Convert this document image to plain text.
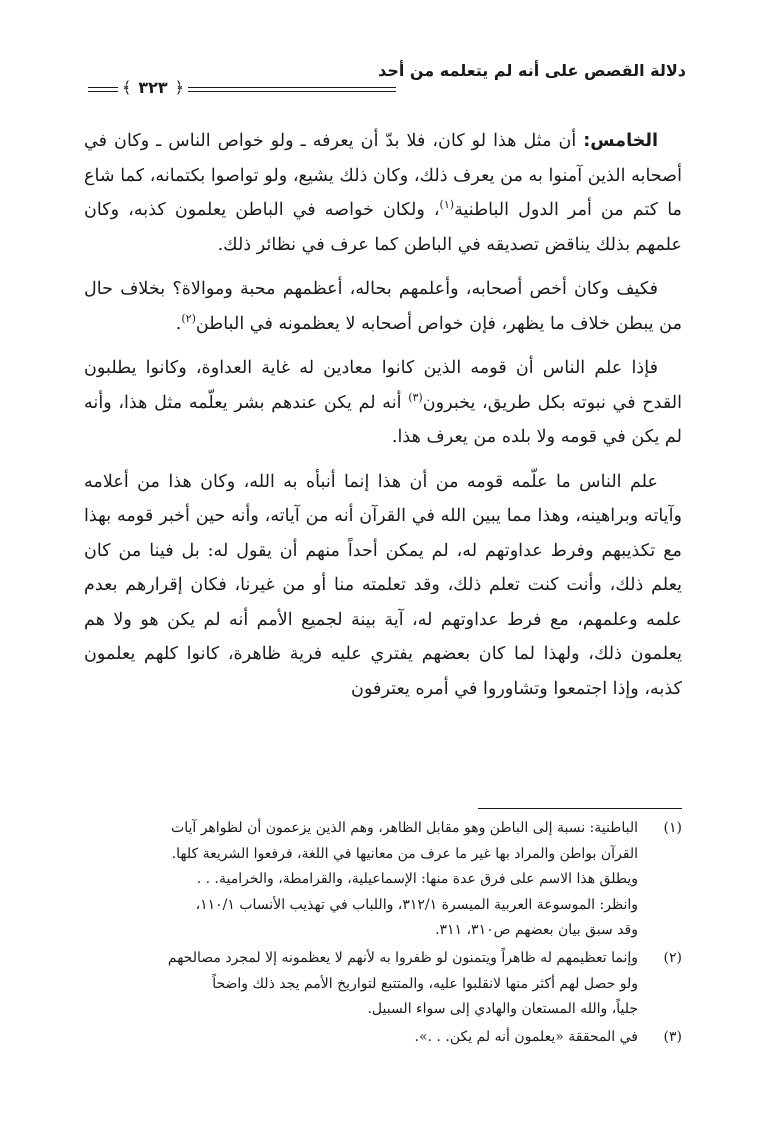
دلالة القصص على أنه لم يتعلمه من أحد
﴿
٣٢٣
﴾

الخامس: أن مثل هذا لو كان، فلا بدّ أن يعرفه ـ ولو خواص الناس ـ وكان في أصحابه الذين آمنوا به من يعرف ذلك، وكان ذلك يشيع، ولو تواصوا بكتمانه، كما شاع ما كتم من أمر الدول الباطنية$^{(١)}$، ولكان خواصه في الباطن يعلمون كذبه، وكان علمهم بذلك يناقض تصديقه في الباطن كما عرف في نظائر ذلك.

فكيف وكان أخص أصحابه، وأعلمهم بحاله، أعظمهم محبة وموالاة؟ بخلاف حال من يبطن خلاف ما يظهر، فإن خواص أصحابه لا يعظمونه في الباطن$^{(٢)}$.

فإذا علم الناس أن قومه الذين كانوا معادين له غاية العداوة، وكانوا يطلبون القدح في نبوته بكل طريق، يخبرون$^{(٣)}$ أنه لم يكن عندهم بشر يعلّمه مثل هذا، وأنه لم يكن في قومه ولا بلده من يعرف هذا.

علم الناس ما علّمه قومه من أن هذا إنما أنبأه به الله، وكان هذا من أعلامه وآياته وبراهينه، وهذا مما يبين الله في القرآن أنه من آياته، وأنه حين أخبر قومه بهذا مع تكذيبهم وفرط عداوتهم له، لم يمكن أحداً منهم أن يقول له: بل فينا من كان يعلم ذلك، وأنت كنت تعلم ذلك، وقد تعلمته منا أو من غيرنا، فكان إقرارهم بعدم علمه وعلمهم، مع فرط عداوتهم له، آية بينة لجميع الأمم أنه لم يكن هو ولا هم يعلمون ذلك، ولهذا لما كان بعضهم يفتري عليه فرية ظاهرة، كانوا كلهم يعلمون كذبه، وإذا اجتمعوا وتشاوروا في أمره يعترفون

(١)
الباطنية: نسبة إلى الباطن وهو مقابل الظاهر، وهم الذين يزعمون أن لظواهر آيات
القرآن بواطن والمراد بها غير ما عرف من معانيها في اللغة، فرفعوا الشريعة كلها.
ويطلق هذا الاسم على فرق عدة منها: الإسماعيلية، والقرامطة، والخرامية. . .
وانظر: الموسوعة العربية الميسرة ٣١٢/١، واللباب في تهذيب الأنساب ١١٠/١،
وقد سبق بيان بعضهم ص٣١٠، ٣١١.
(٢)
وإنما تعظيمهم له ظاهراً ويتمنون لو ظفروا به لأنهم لا يعظمونه إلا لمجرد مصالحهم
ولو حصل لهم أكثر منها لانقلبوا عليه، والمتتبع لتواريخ الأمم يجد ذلك واضحاً
جلياً، والله المستعان والهادي إلى سواء السبيل.
(٣)
في المحققة «يعلمون أنه لم يكن. . .».
